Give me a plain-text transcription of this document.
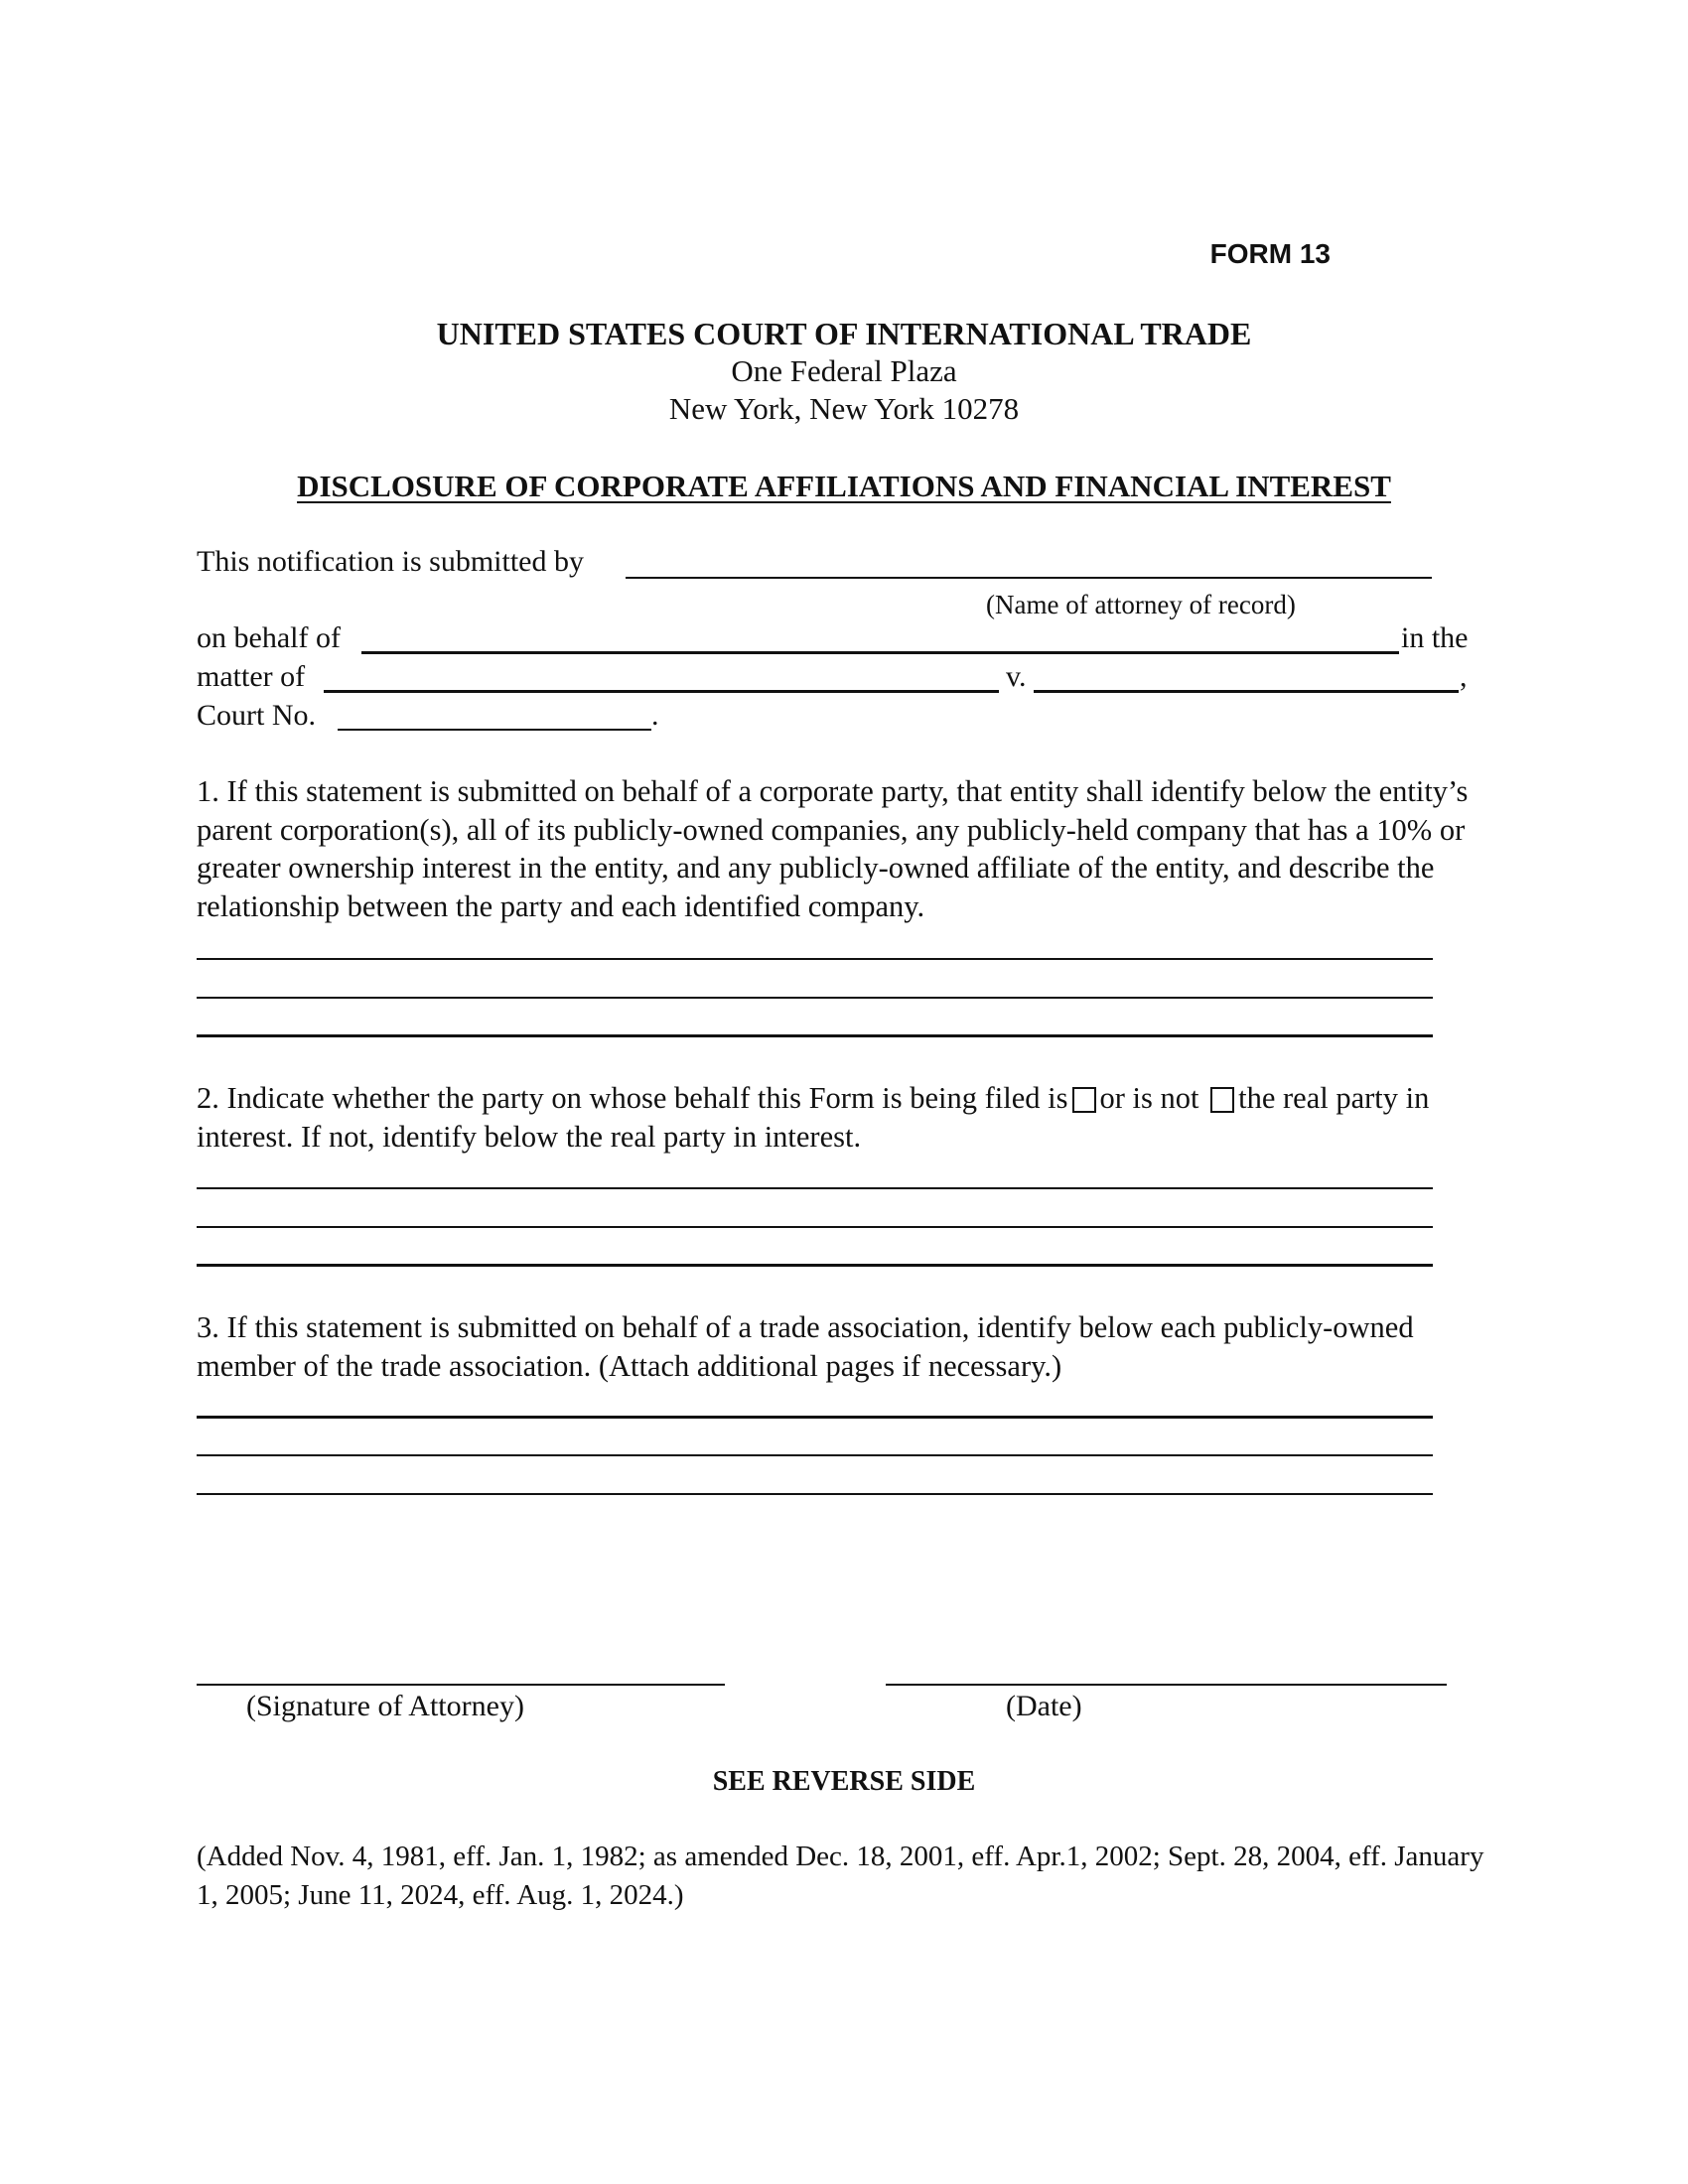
FORM 13
UNITED STATES COURT OF INTERNATIONAL TRADE
One Federal Plaza
New York, New York 10278
DISCLOSURE OF CORPORATE AFFILIATIONS AND FINANCIAL INTEREST
This notification is submitted by
(Name of attorney of record)
on behalf of	in the
matter of	v.	,
Court No.	.
1. If this statement is submitted on behalf of a corporate party, that entity shall identify below the entity’s parent corporation(s), all of its publicly-owned companies, any publicly-held company that has a 10% or greater ownership interest in the entity, and any publicly-owned affiliate of the entity, and describe the relationship between the party and each identified company.
2. Indicate whether the party on whose behalf this Form is being filed is or is not the real party in interest. If not, identify below the real party in interest.
3. If this statement is submitted on behalf of a trade association, identify below each publicly-owned member of the trade association. (Attach additional pages if necessary.)
(Signature of Attorney)	(Date)
SEE REVERSE SIDE
(Added Nov. 4, 1981, eff. Jan. 1, 1982; as amended Dec. 18, 2001, eff. Apr.1, 2002; Sept. 28, 2004, eff. January 1, 2005; June 11, 2024, eff. Aug. 1, 2024.)
